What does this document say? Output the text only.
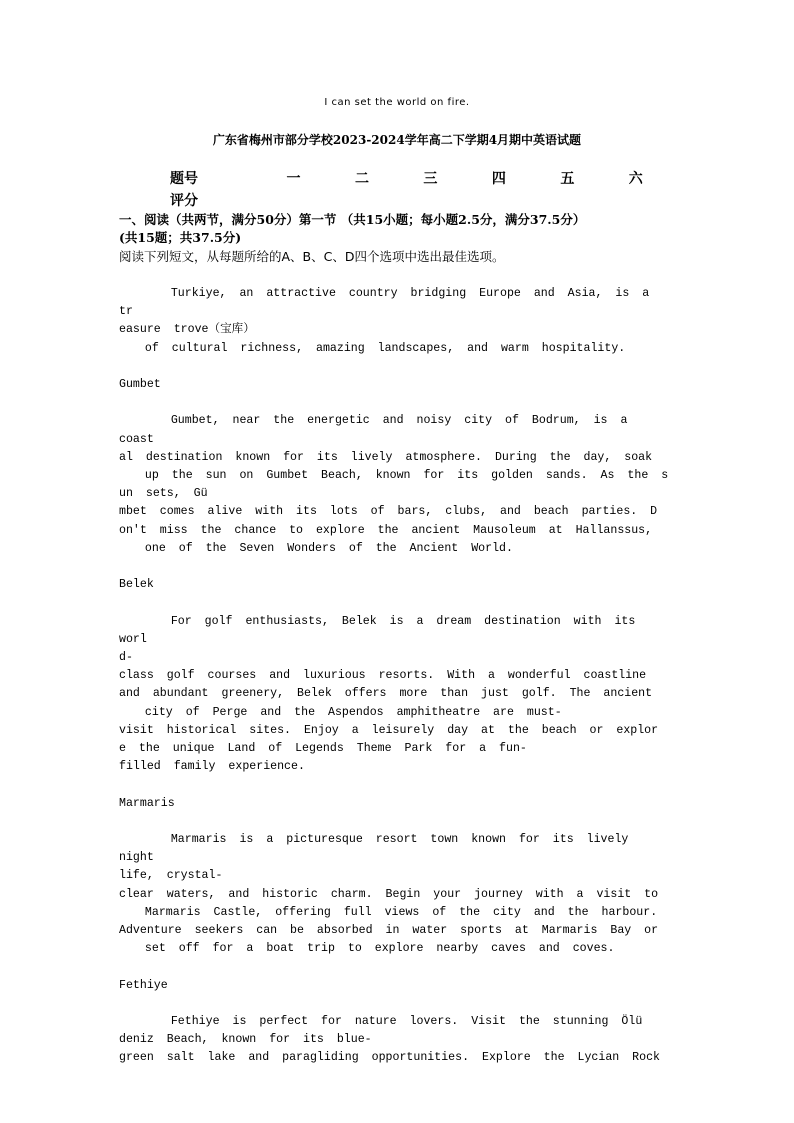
I can set the world on fire.
广东省梅州市部分学校2023-2024学年高二下学期4月期中英语试题
题号	一	二	三	四	五	六
评分
一、阅读（共两节，满分50分）第一节 （共15小题；每小题2.5分，满分37.5分）
(共15题；共37.5分)
阅读下列短文，从每题所给的A、B、C、D四个选项中选出最佳选项。

Turkiye, an attractive country bridging Europe and Asia, is a tr

easure trove（宝库）

of cultural richness, amazing landscapes, and warm hospitality.

Gumbet

Gumbet, near the energetic and noisy city of Bodrum, is a coast

al destination known for its lively atmosphere. During the day, soak

up the sun on Gumbet Beach, known for its golden sands. As the s

un sets, Gü

mbet comes alive with its lots of bars, clubs, and beach parties. D

on't miss the chance to explore the ancient Mausoleum at Hallanssus,

one of the Seven Wonders of the Ancient World.

Belek

For golf enthusiasts, Belek is a dream destination with its worl

d-

class golf courses and luxurious resorts. With a wonderful coastline

and abundant greenery, Belek offers more than just golf. The ancient

city of Perge and the Aspendos amphitheatre are must-

visit historical sites. Enjoy a leisurely day at the beach or explor

e the unique Land of Legends Theme Park for a fun-

filled family experience.

Marmaris

Marmaris is a picturesque resort town known for its lively night

life, crystal-

clear waters, and historic charm. Begin your journey with a visit to

Marmaris Castle, offering full views of the city and the harbour.

Adventure seekers can be absorbed in water sports at Marmaris Bay or

set off for a boat trip to explore nearby caves and coves.

Fethiye

Fethiye is perfect for nature lovers. Visit the stunning Ölü

deniz Beach, known for its blue-

green salt lake and paragliding opportunities. Explore the Lycian Rock
